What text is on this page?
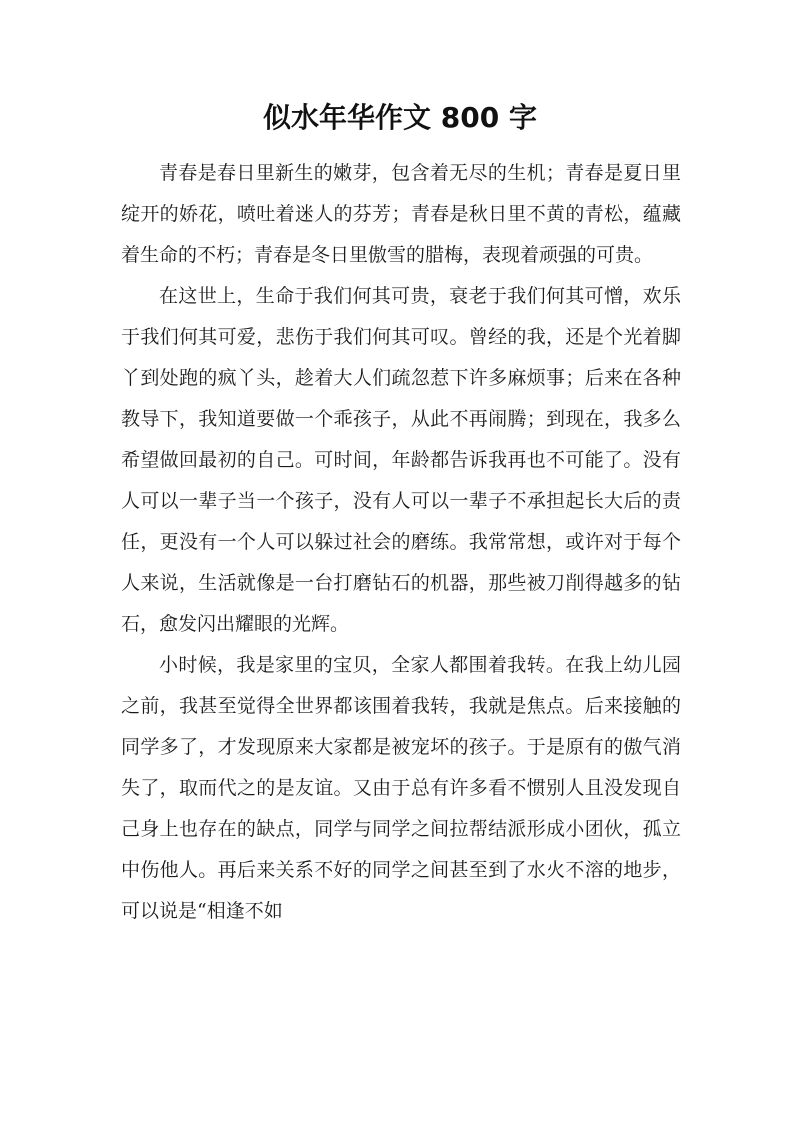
似水年华作文 800 字

青春是春日里新生的嫩芽，包含着无尽的生机；青春是夏日里绽开的娇花，喷吐着迷人的芬芳；青春是秋日里不黄的青松，蕴藏着生命的不朽；青春是冬日里傲雪的腊梅，表现着顽强的可贵。

在这世上，生命于我们何其可贵，衰老于我们何其可憎，欢乐于我们何其可爱，悲伤于我们何其可叹。曾经的我，还是个光着脚丫到处跑的疯丫头，趁着大人们疏忽惹下许多麻烦事；后来在各种教导下，我知道要做一个乖孩子，从此不再闹腾；到现在，我多么希望做回最初的自己。可时间，年龄都告诉我再也不可能了。没有人可以一辈子当一个孩子，没有人可以一辈子不承担起长大后的责任，更没有一个人可以躲过社会的磨练。我常常想，或许对于每个人来说，生活就像是一台打磨钻石的机器，那些被刀削得越多的钻石，愈发闪出耀眼的光辉。

小时候，我是家里的宝贝，全家人都围着我转。在我上幼儿园之前，我甚至觉得全世界都该围着我转，我就是焦点。后来接触的同学多了，才发现原来大家都是被宠坏的孩子。于是原有的傲气消失了，取而代之的是友谊。又由于总有许多看不惯别人且没发现自己身上也存在的缺点，同学与同学之间拉帮结派形成小团伙，孤立中伤他人。再后来关系不好的同学之间甚至到了水火不溶的地步，可以说是“相逢不如
